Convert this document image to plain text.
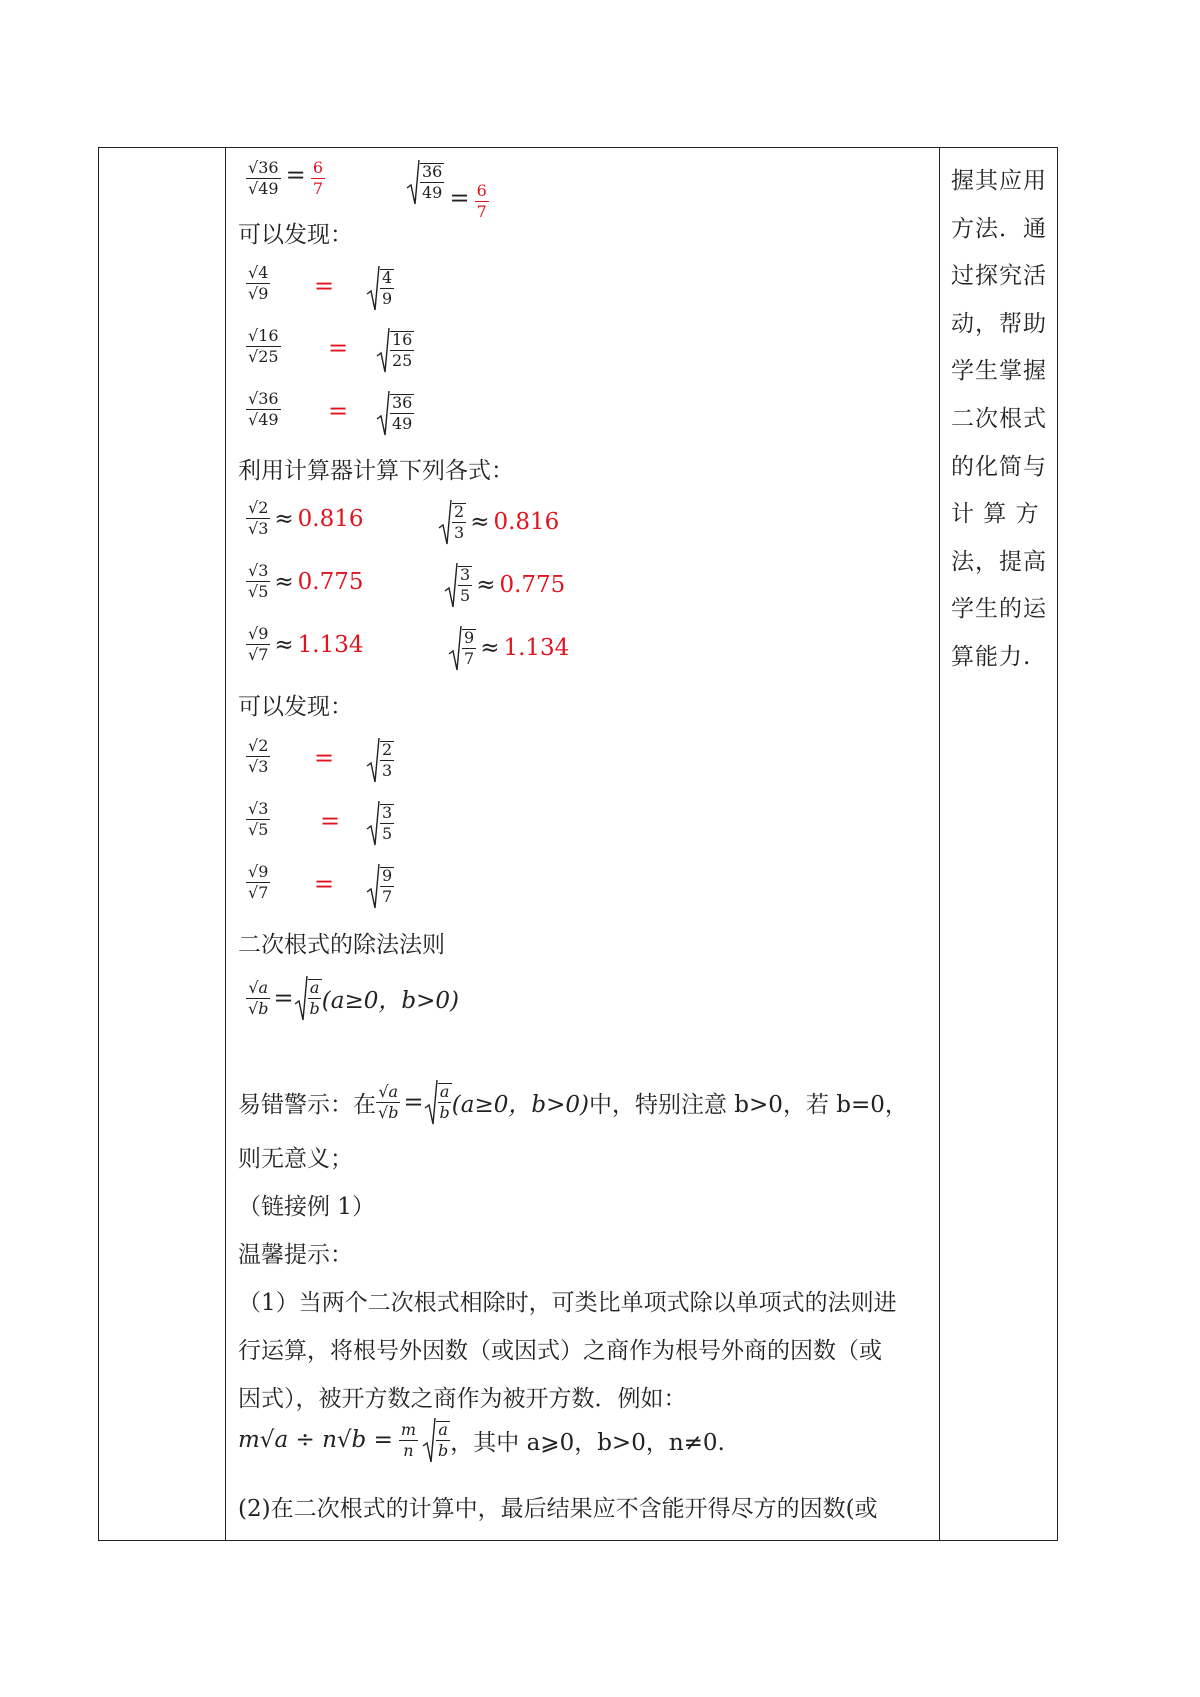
$\frac{√36}{√49} = \frac{6}{7}$	$\frac{36}{49} = \frac{6}{7}$
可以发现：
$\frac{√4}{√9}$ =	$\frac{4}{9}$
$\frac{√16}{√25}$ =	$\frac{16}{25}$
$\frac{√36}{√49}$ =	$\frac{36}{49}$
利用计算器计算下列各式：
$\frac{√2}{√3} \approx 0.816$	$\frac{2}{3} \approx 0.816$
$\frac{√3}{√5} \approx 0.775$	$\frac{3}{5} \approx 0.775$
$\frac{√9}{√7} \approx 1.134$	$\frac{9}{7} \approx 1.134$
可以发现：
$\frac{√2}{√3}$ =	$\frac{2}{3}$
$\frac{√3}{√5} = \frac{3}{5}$
$\frac{√9}{√7}$ =	$\frac{9}{7}$
二次根式的除法法则
$\frac{√a}{√b} = \frac{a}{b} (a\ge 0$，b>0)
易错警示：在 $\frac{√a}{√b} = \frac{a}{b} (a\ge 0$，b>0) 中，特别注意 b>0，若 b=0，
则无意义；
（链接例 1）
温馨提示：
（1）当两个二次根式相除时，可类比单项式除以单项式的法则进
行运算，将根号外因数（或因式）之商作为根号外商的因数（或
因式），被开方数之商作为被开方数．例如：
$m√a \div n√b = \frac{m}{n} \frac{a}{b}$ ，其中 a⩾0，b>0，n≠0.
(2)在二次根式的计算中，最后结果应不含能开得尽方的因数(或
握其应用
方法．通
过探究活
动，帮助
学生掌握
二次根式
的化简与
计 算 方
法，提高
学生的运
算能力.
